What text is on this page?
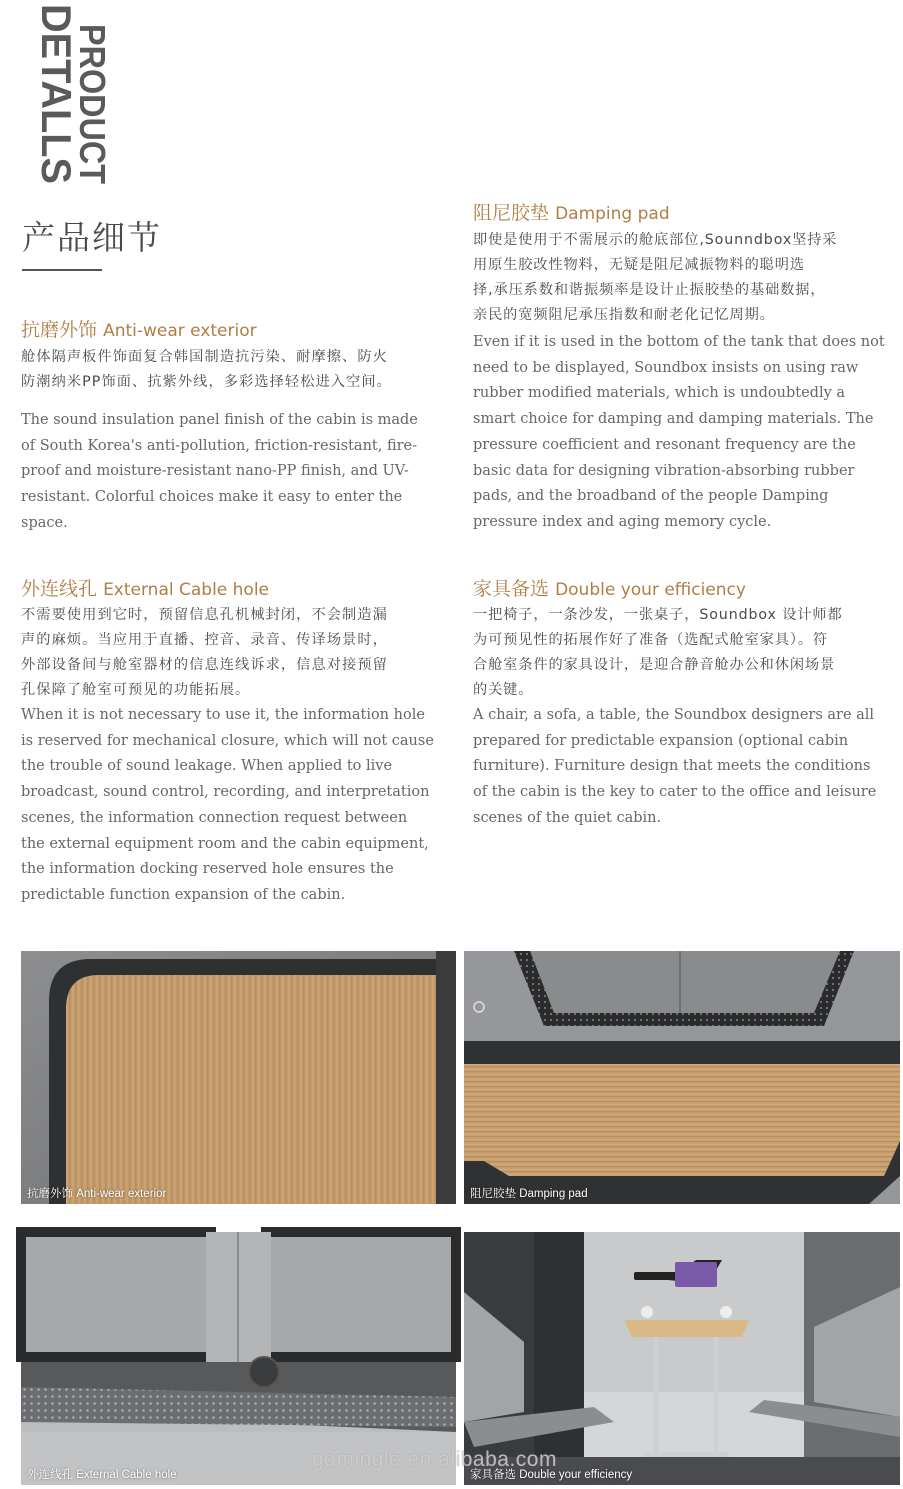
DETALLS
PRODUCT
产品细节
抗磨外饰 Anti-wear exterior

舱体隔声板件饰面复合韩国制造抗污染、耐摩擦、防火
防潮纳米PP饰面、抗紫外线，多彩选择轻松进入空间。

The sound insulation panel finish of the cabin is made
of South Korea's anti-pollution, friction-resistant, fire-
proof and moisture-resistant nano-PP finish, and UV-
resistant. Colorful choices make it easy to enter the
space.

阻尼胶垫 Damping pad

即使是使用于不需展示的舱底部位,Sounndbox坚持采
用原生胶改性物料，无疑是阻尼减振物料的聪明选
择,承压系数和谐振频率是设计止振胶垫的基础数据，
亲民的宽频阻尼承压指数和耐老化记忆周期。

Even if it is used in the bottom of the tank that does not
need to be displayed, Soundbox insists on using raw
rubber modified materials, which is undoubtedly a
smart choice for damping and damping materials. The
pressure coefficient and resonant frequency are the
basic data for designing vibration-absorbing rubber
pads, and the broadband of the people Damping
pressure index and aging memory cycle.

外连线孔 External Cable hole

不需要使用到它时，预留信息孔机械封闭，不会制造漏
声的麻烦。当应用于直播、控音、录音、传译场景时，
外部设备间与舱室器材的信息连线诉求，信息对接预留
孔保障了舱室可预见的功能拓展。

When it is not necessary to use it, the information hole
is reserved for mechanical closure, which will not cause
the trouble of sound leakage. When applied to live
broadcast, sound control, recording, and interpretation
scenes, the information connection request between
the external equipment room and the cabin equipment,
the information docking reserved hole ensures the
predictable function expansion of the cabin.

家具备选 Double your efficiency

一把椅子，一条沙发，一张桌子，Soundbox 设计师都
为可预见性的拓展作好了准备（选配式舱室家具）。符
合舱室条件的家具设计，是迎合静音舱办公和休闲场景
的关键。

A chair, a sofa, a table, the Soundbox designers are all
prepared for predictable expansion (optional cabin
furniture). Furniture design that meets the conditions
of the cabin is the key to cater to the office and leisure
scenes of the quiet cabin.

抗磨外饰 Anti-wear exterior	阻尼胶垫 Damping pad
外连线孔 External Cable hole	家具备选 Double your efficiency
gdmingle.en.alibaba.com
